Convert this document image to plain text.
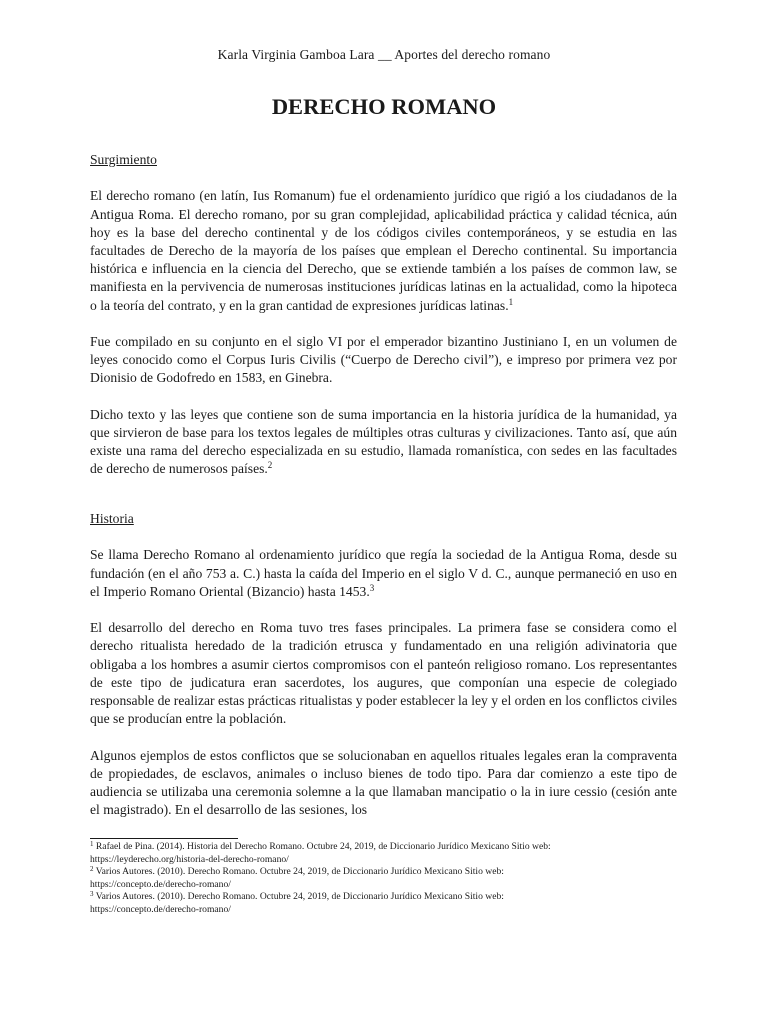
Karla Virginia Gamboa Lara __ Aportes del derecho romano
DERECHO ROMANO

Surgimiento

El derecho romano (en latín, Ius Romanum) fue el ordenamiento jurídico que rigió a los ciudadanos de la Antigua Roma. El derecho romano, por su gran complejidad, aplicabilidad práctica y calidad técnica, aún hoy es la base del derecho continental y de los códigos civiles contemporáneos, y se estudia en las facultades de Derecho de la mayoría de los países que emplean el Derecho continental. Su importancia histórica e influencia en la ciencia del Derecho, que se extiende también a los países de common law, se manifiesta en la pervivencia de numerosas instituciones jurídicas latinas en la actualidad, como la hipoteca o la teoría del contrato, y en la gran cantidad de expresiones jurídicas latinas.$^1$

Fue compilado en su conjunto en el siglo VI por el emperador bizantino Justiniano I, en un volumen de leyes conocido como el Corpus Iuris Civilis (“Cuerpo de Derecho civil”), e impreso por primera vez por Dionisio de Godofredo en 1583, en Ginebra.

Dicho texto y las leyes que contiene son de suma importancia en la historia jurídica de la humanidad, ya que sirvieron de base para los textos legales de múltiples otras culturas y civilizaciones. Tanto así, que aún existe una rama del derecho especializada en su estudio, llamada romanística, con sedes en las facultades de derecho de numerosos países.$^2$

Historia

Se llama Derecho Romano al ordenamiento jurídico que regía la sociedad de la Antigua Roma, desde su fundación (en el año 753 a. C.) hasta la caída del Imperio en el siglo V d. C., aunque permaneció en uso en el Imperio Romano Oriental (Bizancio) hasta 1453.$^3$

El desarrollo del derecho en Roma tuvo tres fases principales. La primera fase se considera como el derecho ritualista heredado de la tradición etrusca y fundamentado en una religión adivinatoria que obligaba a los hombres a asumir ciertos compromisos con el panteón religioso romano. Los representantes de este tipo de judicatura eran sacerdotes, los augures, que componían una especie de colegiado responsable de realizar estas prácticas ritualistas y poder establecer la ley y el orden en los conflictos civiles que se producían entre la población.

Algunos ejemplos de estos conflictos que se solucionaban en aquellos rituales legales eran la compraventa de propiedades, de esclavos, animales o incluso bienes de todo tipo. Para dar comienzo a este tipo de audiencia se utilizaba una ceremonia solemne a la que llamaban mancipatio o la in iure cessio (cesión ante el magistrado). En el desarrollo de las sesiones, los

$^1$ Rafael de Pina. (2014). Historia del Derecho Romano. Octubre 24, 2019, de Diccionario Jurídico Mexicano Sitio web:

https://leyderecho.org/historia-del-derecho-romano/

$^2$ Varios Autores. (2010). Derecho Romano. Octubre 24, 2019, de Diccionario Jurídico Mexicano Sitio web:

https://concepto.de/derecho-romano/

$^3$ Varios Autores. (2010). Derecho Romano. Octubre 24, 2019, de Diccionario Jurídico Mexicano Sitio web:

https://concepto.de/derecho-romano/
